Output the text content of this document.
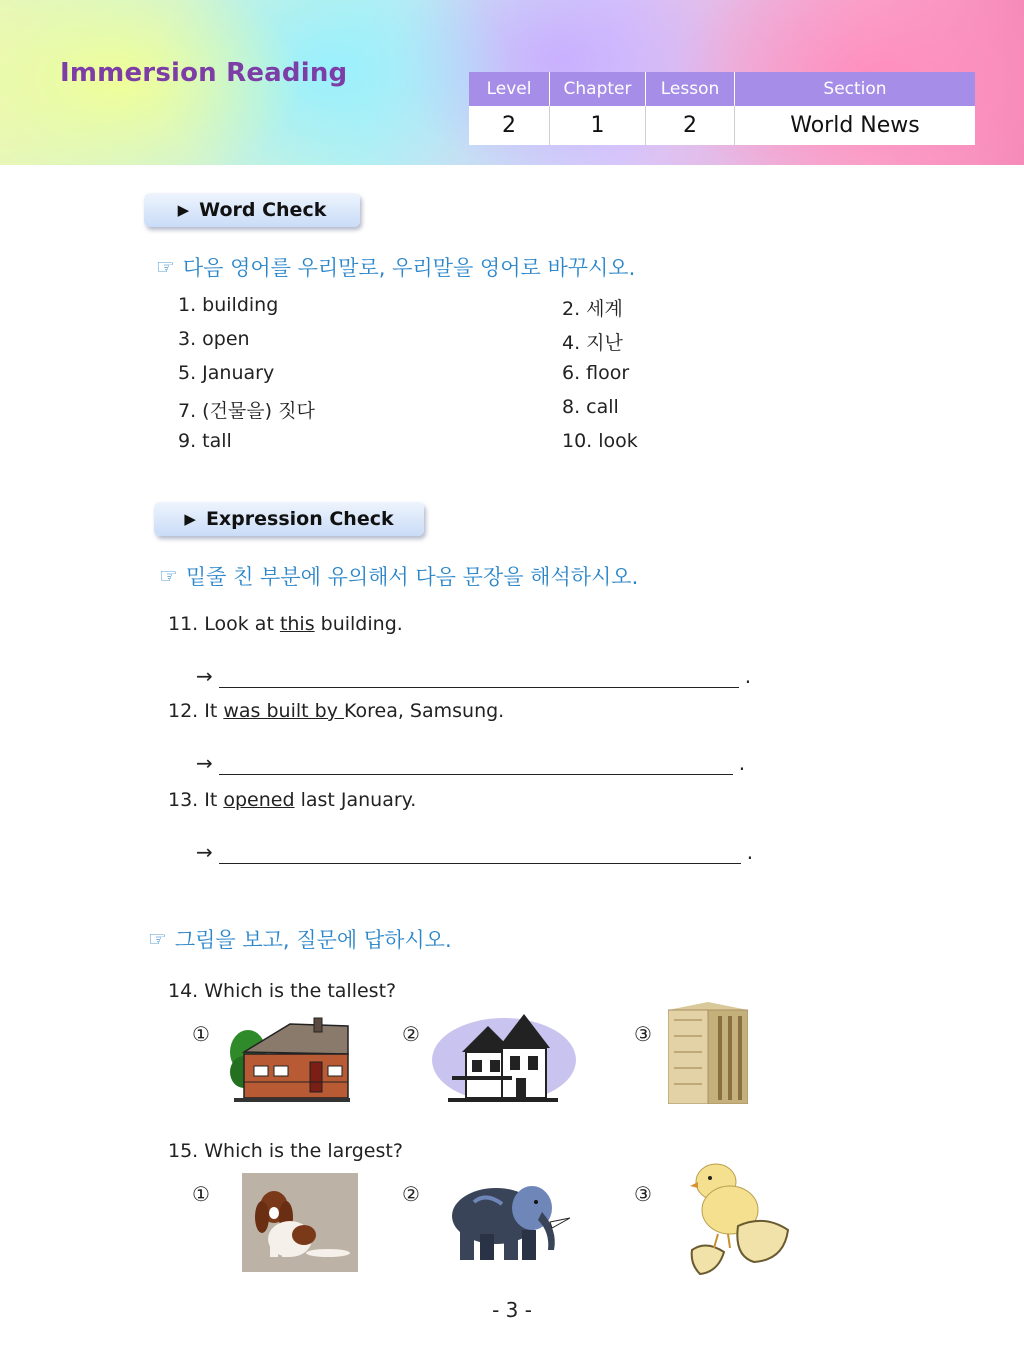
Immersion Reading
Level	Chapter	Lesson	Section
2	1	2	World News
▶ Word Check
☞ 다음 영어를 우리말로, 우리말을 영어로 바꾸시오.
1. building	2. 세계
3. open	4. 지난
5. January	6. floor
7. (건물을) 짓다	8. call
9. tall	10. look
▶ Expression Check
☞ 밑줄 친 부분에 유의해서 다음 문장을 해석하시오.
11. Look at this building.
→	.
12. It was built by Korea, Samsung.
→	.
13. It opened last January.
→	.
☞ 그림을 보고, 질문에 답하시오.
14. Which is the tallest?
①	②	③
15. Which is the largest?
①	②	③
- 3 -
